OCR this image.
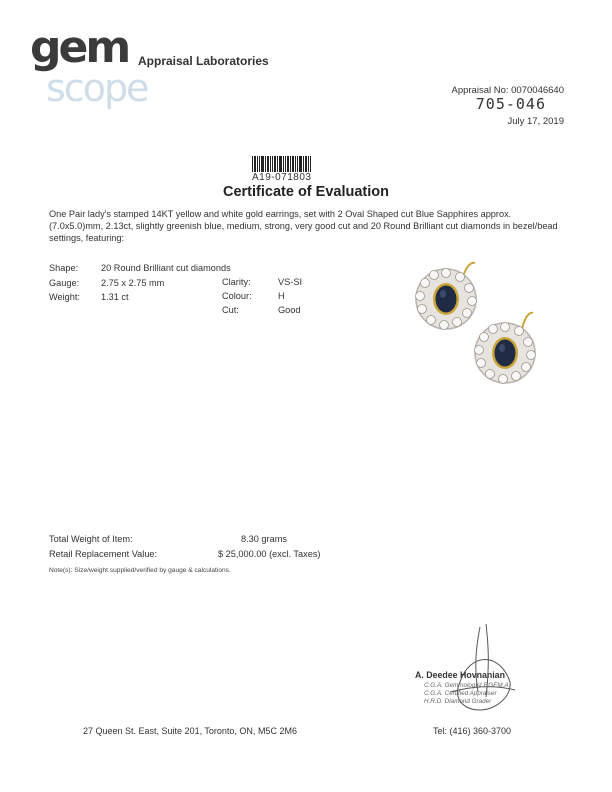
gem
scope
Appraisal Laboratories
Appraisal No: 0070046640
705-046
July 17, 2019
A19-071803
Certificate of Evaluation
One Pair lady's stamped 14KT yellow and white gold earrings, set with 2 Oval Shaped cut Blue Sapphires approx. (7.0x5.0)mm, 2.13ct, slightly greenish blue, medium, strong, very good cut and 20 Round Brilliant cut diamonds in bezel/bead settings, featuring:
Shape: 20 Round Brilliant cut diamonds
Gauge: 2.75 x 2.75 mm
Weight: 1.31 ct
Clarity:	VS-SI
Colour:	H
Cut:	Good
Total Weight of Item:	8.30 grams
Retail Replacement Value:	$ 25,000.00 (excl. Taxes)
Note(s): Size/weight supplied/verified by gauge & calculations.
A. Deedee Hovnanian
C.G.A. Gemmologist F.GEM.A
C.G.A. Certified Appraiser
H.R.D. Diamond Grader
27 Queen St. East, Suite 201, Toronto, ON, M5C 2M6	Tel: (416) 360-3700
